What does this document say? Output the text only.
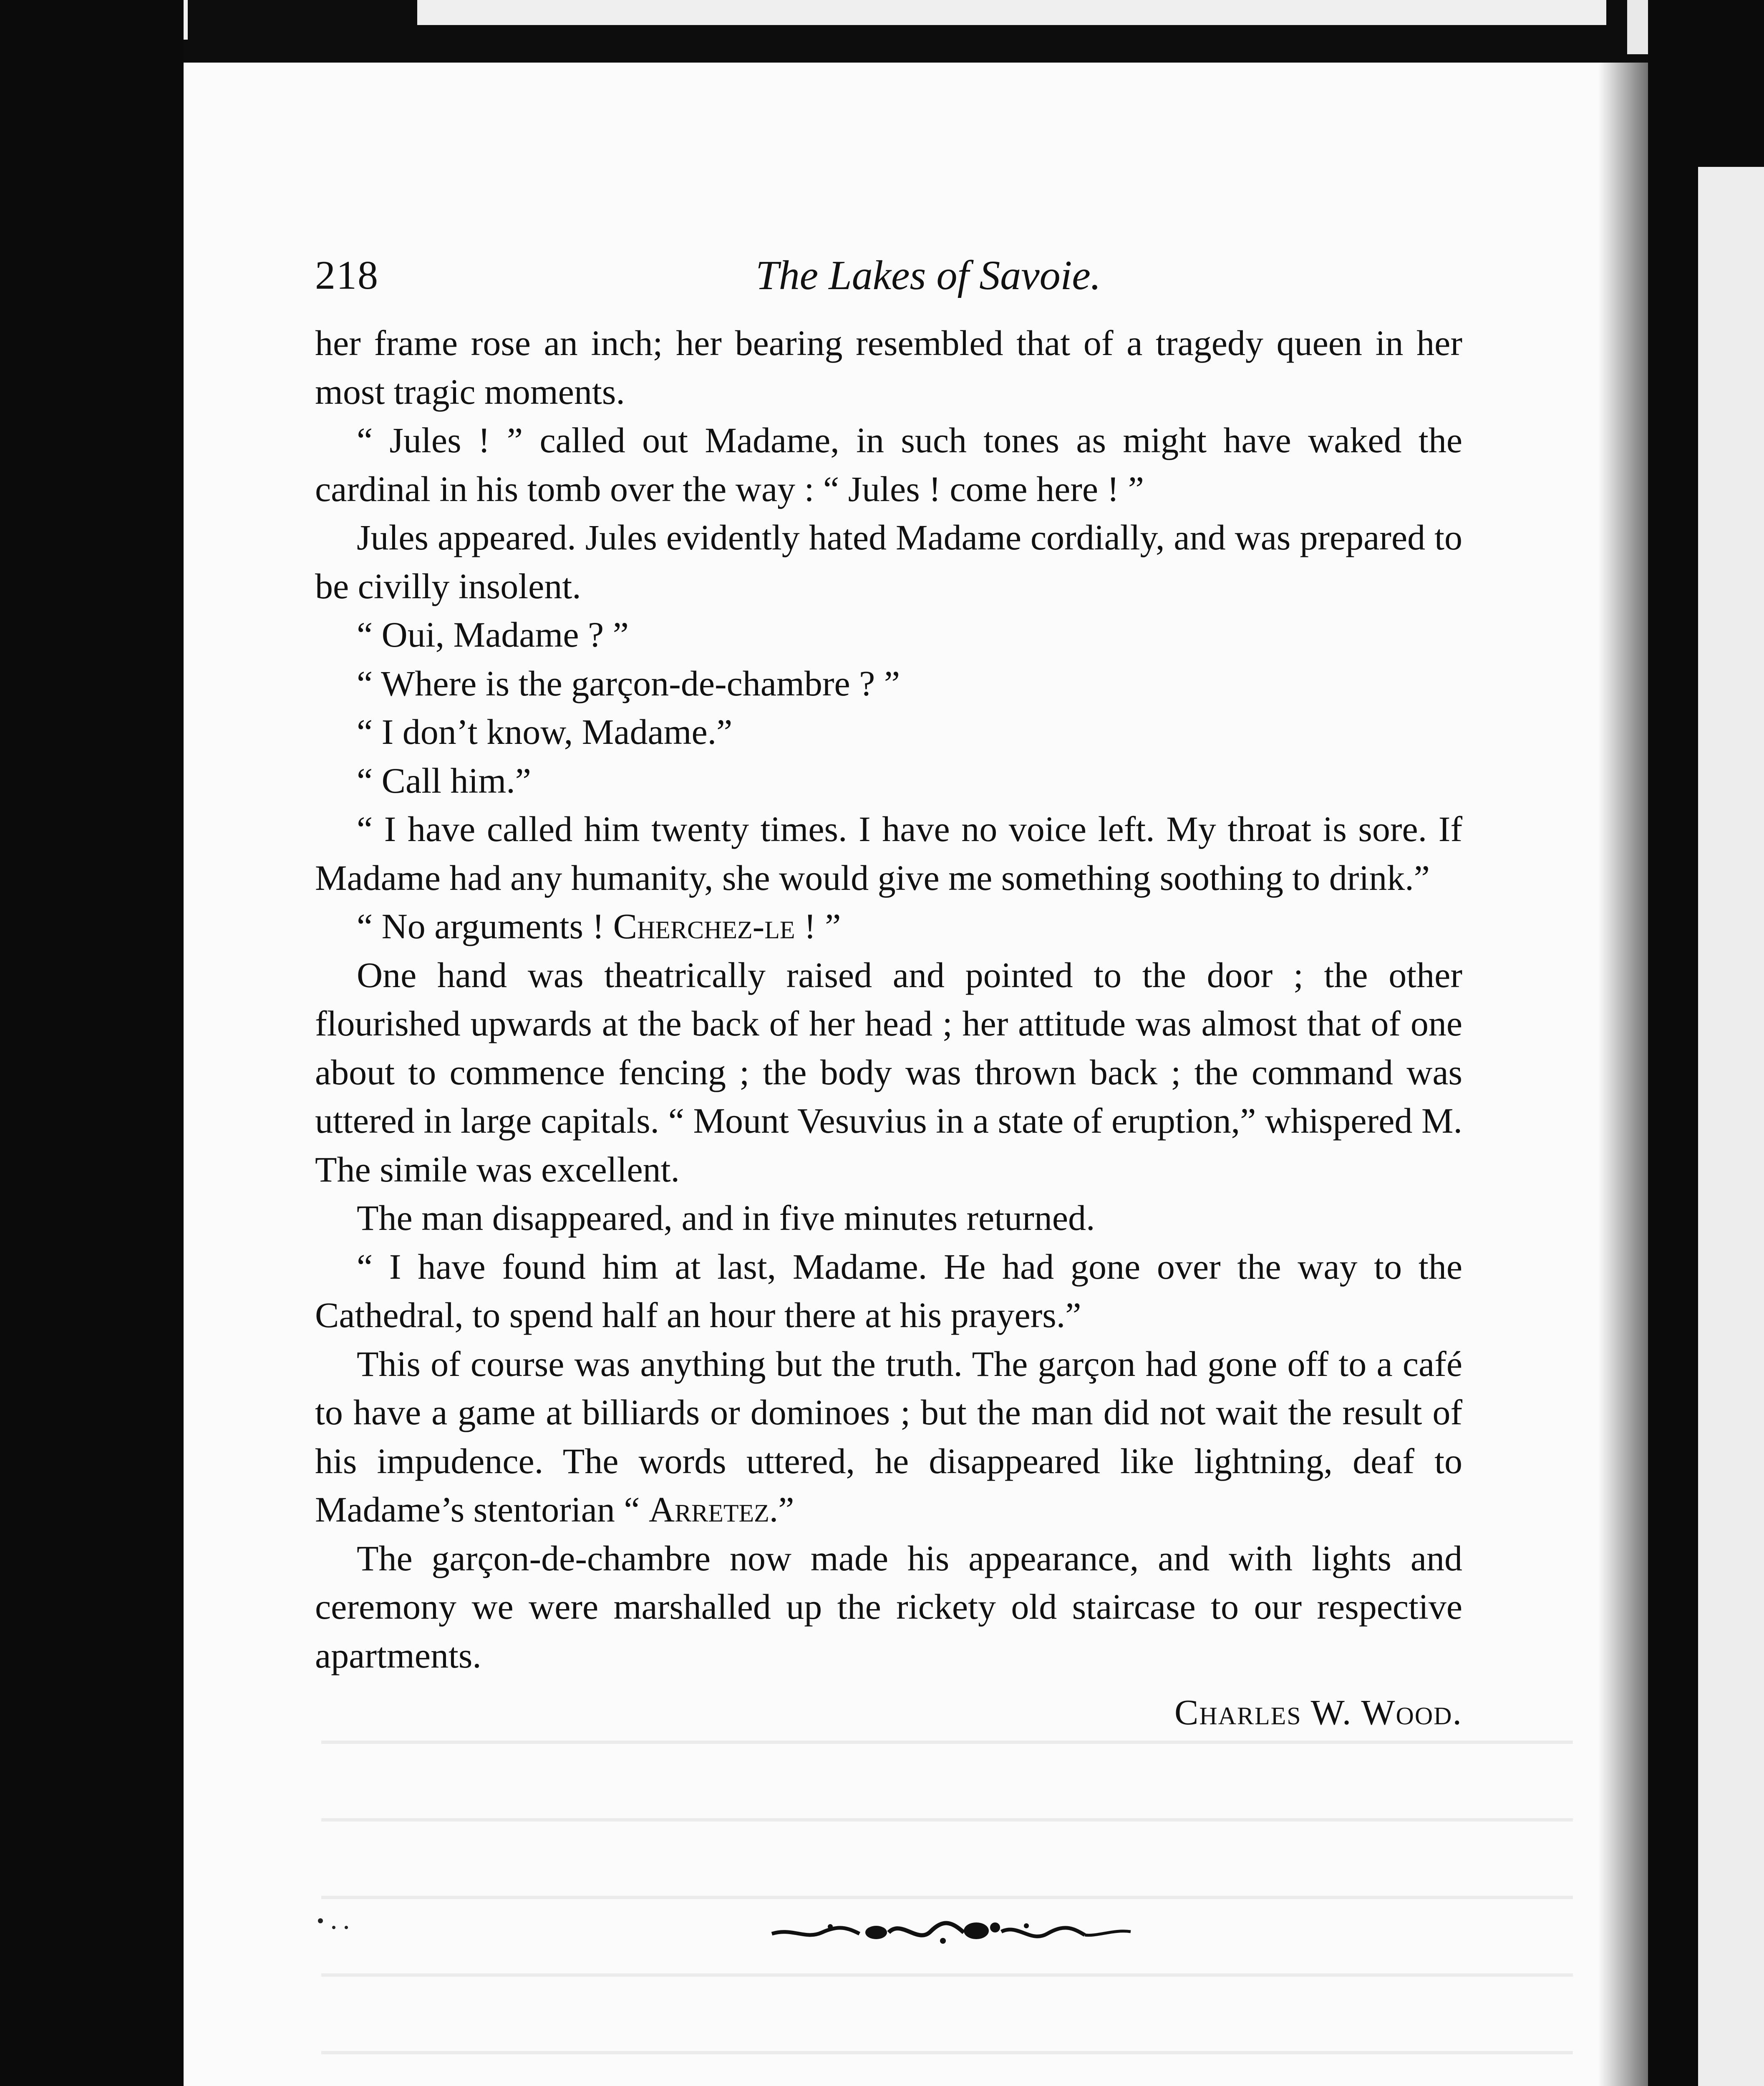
218	The Lakes of Savoie.

her frame rose an inch; her bearing resembled that of a tragedy queen in her most tragic moments.

“ Jules ! ” called out Madame, in such tones as might have waked the cardinal in his tomb over the way : “ Jules ! come here ! ”

Jules appeared. Jules evidently hated Madame cordially, and was prepared to be civilly insolent.

“ Oui, Madame ? ”

“ Where is the garçon-de-chambre ? ”

“ I don’t know, Madame.”

“ Call him.”

“ I have called him twenty times. I have no voice left. My throat is sore. If Madame had any humanity, she would give me something soothing to drink.”

“ No arguments ! Cherchez-le ! ”

One hand was theatrically raised and pointed to the door ; the other flourished upwards at the back of her head ; her attitude was almost that of one about to commence fencing ; the body was thrown back ; the command was uttered in large capitals. “ Mount Vesuvius in a state of eruption,” whispered M. The simile was excellent.

The man disappeared, and in five minutes returned.

“ I have found him at last, Madame. He had gone over the way to the Cathedral, to spend half an hour there at his prayers.”

This of course was anything but the truth. The garçon had gone off to a café to have a game at billiards or dominoes ; but the man did not wait the result of his impudence. The words uttered, he disappeared like lightning, deaf to Madame’s stentorian “ Arretez.”

The garçon-de-chambre now made his appearance, and with lights and ceremony we were marshalled up the rickety old staircase to our respective apartments.

Charles W. Wood.
